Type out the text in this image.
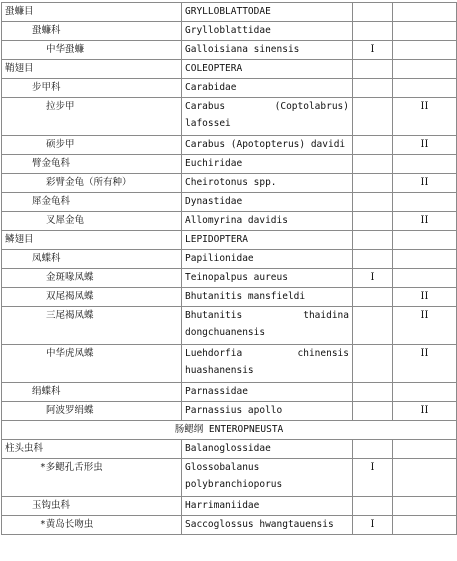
蛩蠊目	GRYLLOBLATTODAE		
蛩蠊科	Grylloblattidae		
中华蛩蠊	Galloisiana sinensis	I	
鞘翅目	COLEOPTERA		
步甲科	Carabidae		
拉步甲	Carabus (Coptolabrus) lafossei		II
硕步甲	Carabus (Apotopterus) davidi		II
臂金龟科	Euchiridae		
彩臂金龟（所有种）	Cheirotonus spp.		II
犀金龟科	Dynastidae		
叉犀金龟	Allomyrina davidis		II
鳞翅目	LEPIDOPTERA		
凤蝶科	Papilionidae		
金斑喙凤蝶	Teinopalpus aureus	I	
双尾褐凤蝶	Bhutanitis mansfieldi		II
三尾褐凤蝶	Bhutanitis thaidina dongchuanensis		II
中华虎凤蝶	Luehdorfia chinensis huashanensis		II
绢蝶科	Parnassidae		
阿波罗绢蝶	Parnassius apollo		II
肠鳃纲 ENTEROPNEUSTA			
柱头虫科	Balanoglossidae		
*多鳃孔舌形虫	Glossobalanus polybranchioporus	I	
玉钩虫科	Harrimaniidae		
*黄岛长吻虫	Saccoglossus hwangtauensis	I	
